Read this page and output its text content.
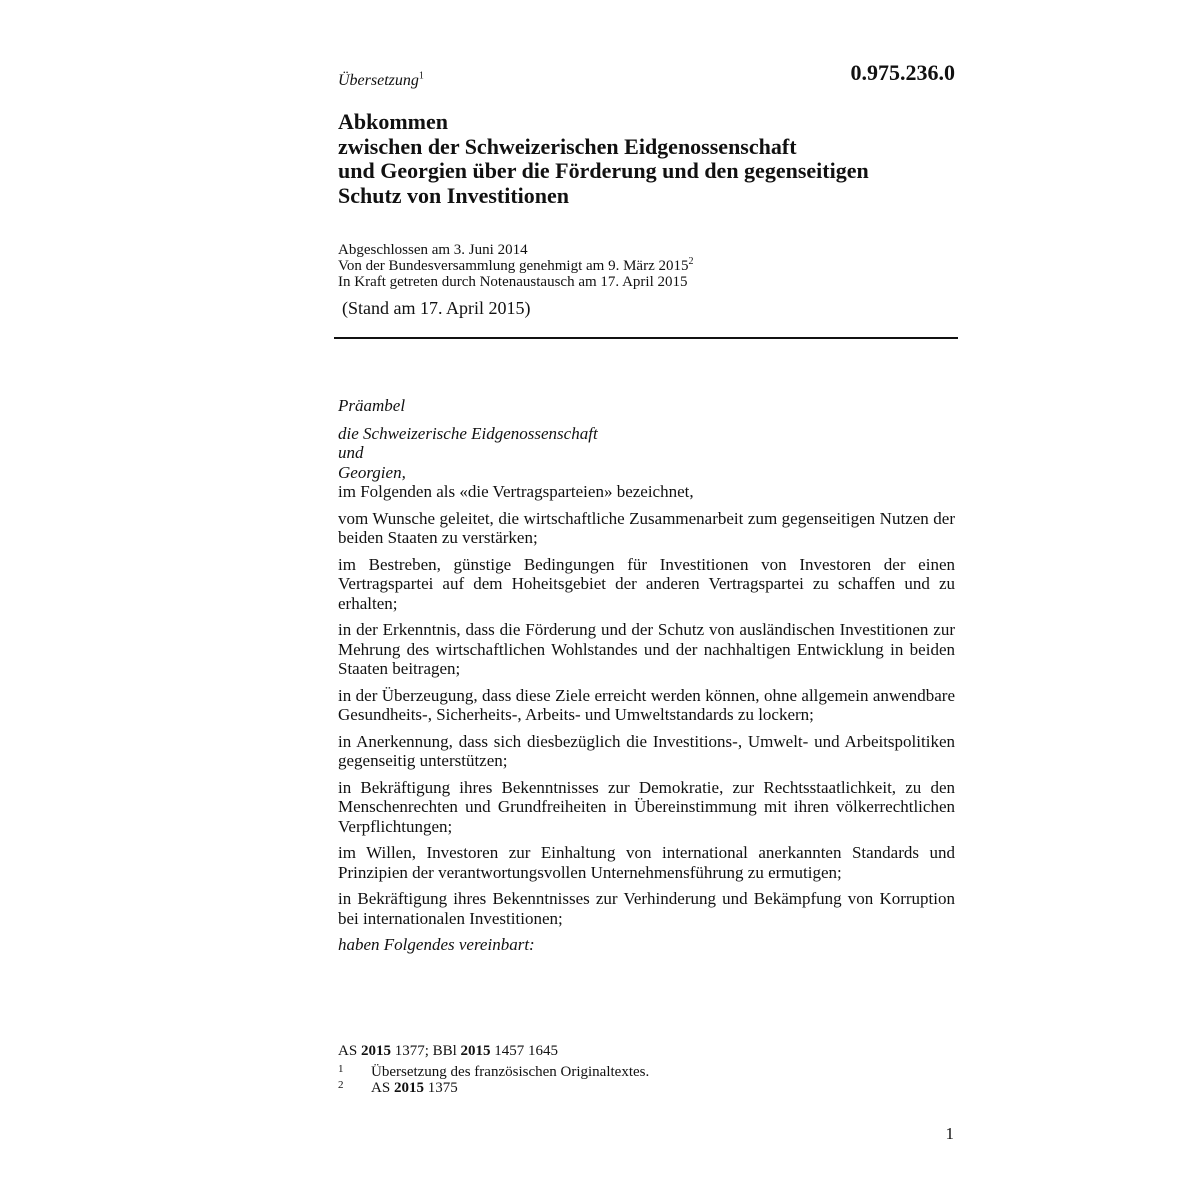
Übersetzung$^1$	0.975.236.0
Abkommen
zwischen der Schweizerischen Eidgenossenschaft
und Georgien über die Förderung und den gegenseitigen
Schutz von Investitionen
Abgeschlossen am 3. Juni 2014
Von der Bundesversammlung genehmigt am 9. März 2015$^2$
In Kraft getreten durch Notenaustausch am 17. April 2015
(Stand am 17. April 2015)
Präambel
die Schweizerische Eidgenossenschaft
und
Georgien,
im Folgenden als «die Vertragsparteien» bezeichnet,
vom Wunsche geleitet, die wirtschaftliche Zusammenarbeit zum gegenseitigen Nutzen der beiden Staaten zu verstärken;
im Bestreben, günstige Bedingungen für Investitionen von Investoren der einen Vertragspartei auf dem Hoheitsgebiet der anderen Vertragspartei zu schaffen und zu erhalten;
in der Erkenntnis, dass die Förderung und der Schutz von ausländischen Investitionen zur Mehrung des wirtschaftlichen Wohlstandes und der nachhaltigen Entwicklung in beiden Staaten beitragen;
in der Überzeugung, dass diese Ziele erreicht werden können, ohne allgemein anwendbare Gesundheits-, Sicherheits-, Arbeits- und Umweltstandards zu lockern;
in Anerkennung, dass sich diesbezüglich die Investitions-, Umwelt- und Arbeitspolitiken gegenseitig unterstützen;
in Bekräftigung ihres Bekenntnisses zur Demokratie, zur Rechtsstaatlichkeit, zu den Menschenrechten und Grundfreiheiten in Übereinstimmung mit ihren völkerrechtlichen Verpflichtungen;
im Willen, Investoren zur Einhaltung von international anerkannten Standards und Prinzipien der verantwortungsvollen Unternehmensführung zu ermutigen;
in Bekräftigung ihres Bekenntnisses zur Verhinderung und Bekämpfung von Korruption bei internationalen Investitionen;
haben Folgendes vereinbart:
AS 2015 1377; BBl 2015 1457 1645
1 Übersetzung des französischen Originaltextes.
2 AS 2015 1375
1
